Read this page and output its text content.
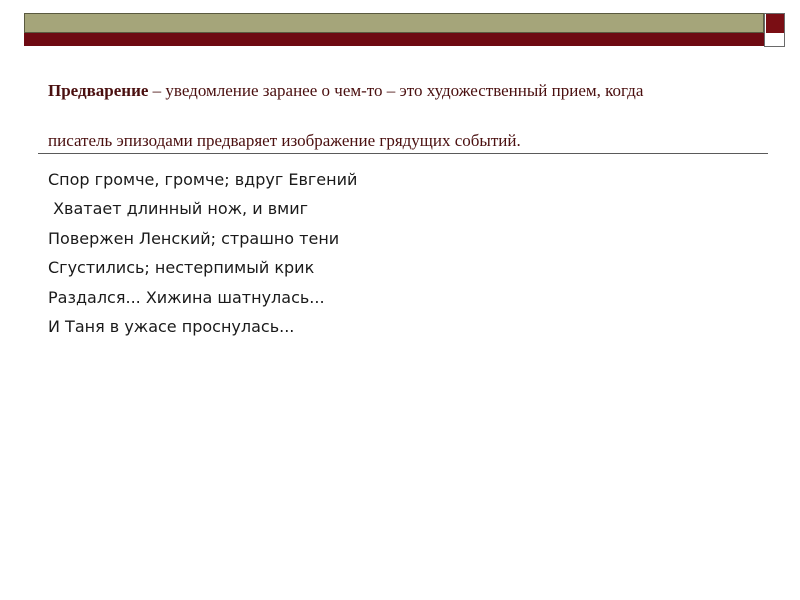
Предварение – уведомление заранее о чем-то – это художественный прием, когда
писатель эпизодами предваряет изображение грядущих событий.

Спор громче, громче; вдруг Евгений
Хватает длинный нож, и вмиг
Повержен Ленский; страшно тени
Сгустились; нестерпимый крик
Раздался... Хижина шатнулась...
И Таня в ужасе проснулась...
